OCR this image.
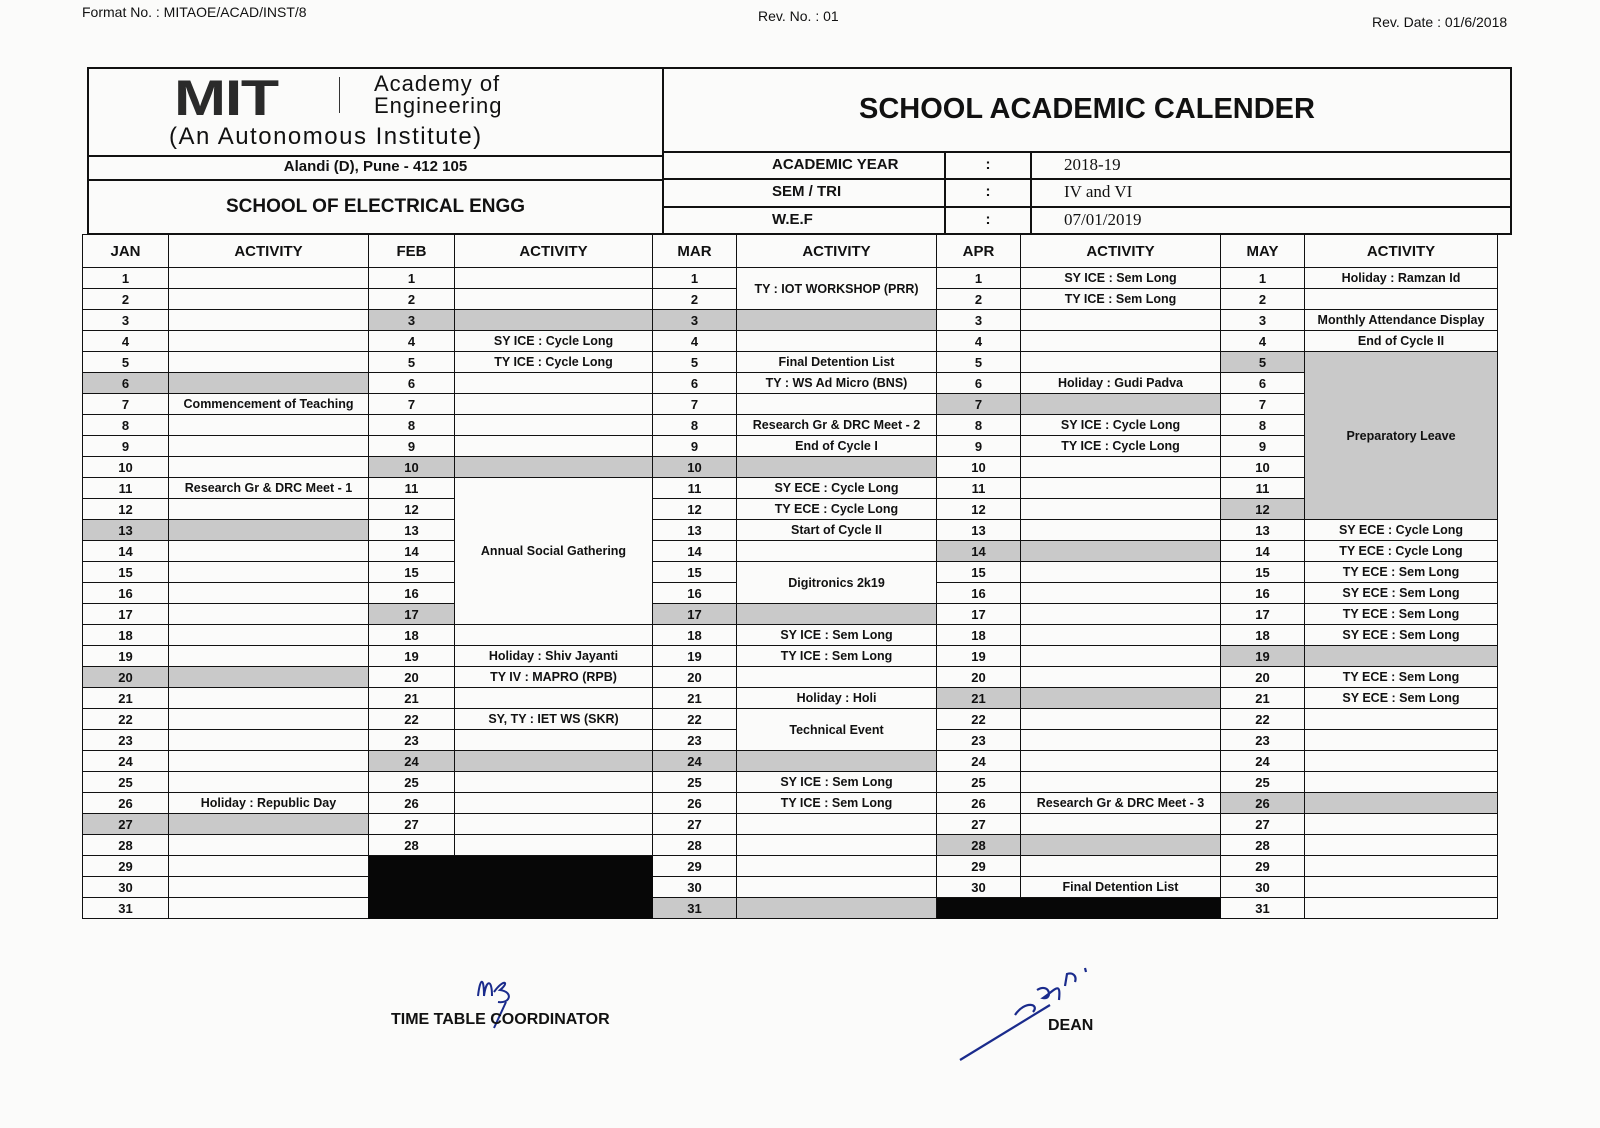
Format No. : MITAOE/ACAD/INST/8	Rev. No. : 01	Rev. Date : 01/6/2018
MIT	Academy of
Engineering
(An Autonomous Institute)
Alandi (D), Pune - 412 105
SCHOOL OF ELECTRICAL ENGG
SCHOOL ACADEMIC CALENDER
ACADEMIC YEAR	:	2018-19
SEM / TRI	:	IV and VI
W.E.F	:	07/01/2019
JAN	ACTIVITY	FEB	ACTIVITY	MAR	ACTIVITY	APR	ACTIVITY	MAY	ACTIVITY
1		1		1	TY : IOT WORKSHOP (PRR)	1	SY ICE : Sem Long	1	Holiday : Ramzan Id
2		2		2		2	TY ICE : Sem Long	2	
3		3		3		3		3	Monthly Attendance Display
4		4	SY ICE : Cycle Long	4		4		4	End of Cycle II
5		5	TY ICE : Cycle Long	5	Final Detention List	5		5	Preparatory Leave
6		6		6	TY : WS Ad Micro (BNS)	6	Holiday : Gudi Padva	6	
7	Commencement of Teaching	7		7		7		7	
8		8		8	Research Gr & DRC Meet - 2	8	SY ICE : Cycle Long	8	
9		9		9	End of Cycle I	9	TY ICE : Cycle Long	9	
10		10		10		10		10	
11	Research Gr & DRC Meet - 1	11	Annual Social Gathering	11	SY ECE : Cycle Long	11		11	
12		12		12	TY ECE : Cycle Long	12		12	
13		13		13	Start of Cycle II	13		13	SY ECE : Cycle Long
14		14		14		14		14	TY ECE : Cycle Long
15		15		15	Digitronics 2k19	15		15	TY ECE : Sem Long
16		16		16		16		16	SY ECE : Sem Long
17		17		17		17		17	TY ECE : Sem Long
18		18		18	SY ICE : Sem Long	18		18	SY ECE : Sem Long
19		19	Holiday : Shiv Jayanti	19	TY ICE : Sem Long	19		19	
20		20	TY IV : MAPRO (RPB)	20		20		20	TY ECE : Sem Long
21		21		21	Holiday : Holi	21		21	SY ECE : Sem Long
22		22	SY, TY : IET WS (SKR)	22	Technical Event	22		22	
23		23		23		23		23	
24		24		24		24		24	
25		25		25	SY ICE : Sem Long	25		25	
26	Holiday : Republic Day	26		26	TY ICE : Sem Long	26	Research Gr & DRC Meet - 3	26	
27		27		27		27		27	
28		28		28		28		28	
29				29		29		29	
30				30		30	Final Detention List	30	
31				31				31	
TIME TABLE COORDINATOR	DEAN
